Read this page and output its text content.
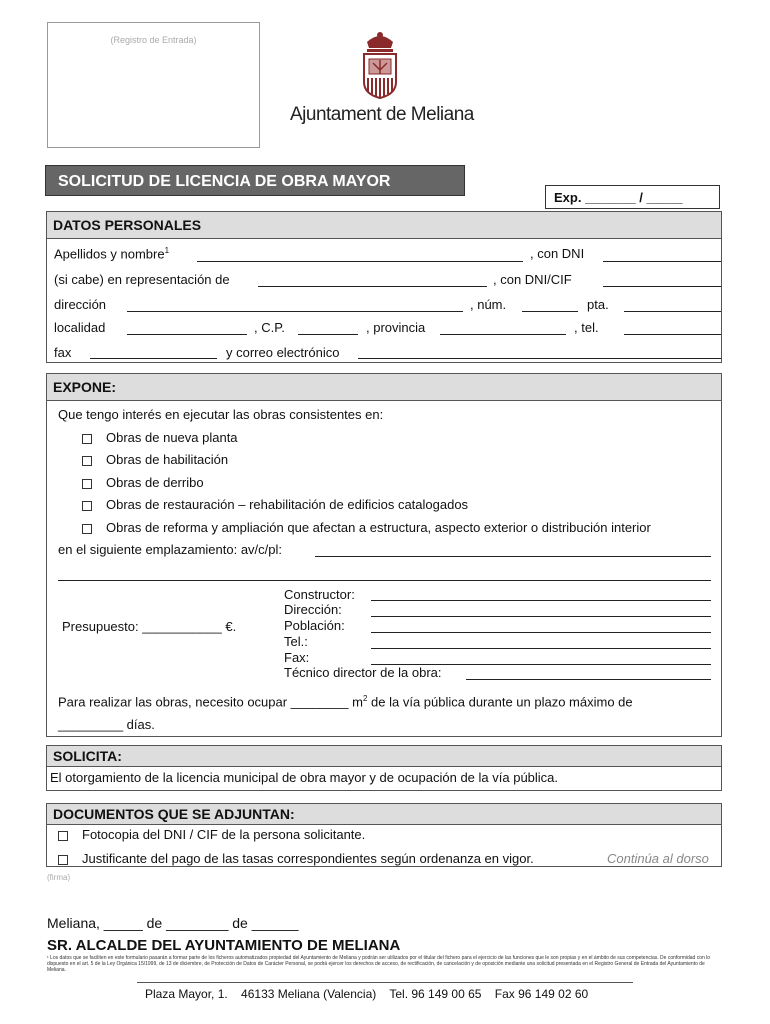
(Registro de Entrada)
Ajuntament de Meliana
SOLICITUD DE LICENCIA DE OBRA MAYOR
Exp. _______ / _____
DATOS PERSONALES
Apellidos y nombre$^1$	, con DNI
(si cabe) en representación de	, con DNI/CIF
dirección	, núm.	pta.
localidad	, C.P.	, provincia	, tel.
fax	y correo electrónico
EXPONE:
Que tengo interés en ejecutar las obras consistentes en:
Obras de nueva planta
Obras de habilitación
Obras de derribo
Obras de restauración – rehabilitación de edificios catalogados
Obras de reforma y ampliación que afectan a estructura, aspecto exterior o distribución interior
en el siguiente emplazamiento: av/c/pl:
Presupuesto: ___________ €.
Constructor:
Dirección:
Población:
Tel.:
Fax:
Técnico director de la obra:
Para realizar las obras, necesito ocupar ________ $m^2$ de la vía pública durante un plazo máximo de
_________ días.
SOLICITA:
El otorgamiento de la licencia municipal de obra mayor y de ocupación de la vía pública.
DOCUMENTOS QUE SE ADJUNTAN:
Fotocopia del DNI / CIF de la persona solicitante.
Justificante del pago de las tasas correspondientes según ordenanza en vigor.	Continúa al dorso
(firma)
Meliana, _____ de ________ de ______
SR. ALCALDE DEL AYUNTAMIENTO DE MELIANA
¹ Los datos que se faciliten en este formulario pasarán a formar parte de los ficheros automatizados propiedad del Ayuntamiento de Meliana y podrán ser utilizados por el titular del fichero para el ejercicio de las funciones que le son propias y en el ámbito de sus competencias. De conformidad con lo dispuesto en el art. 5 de la Ley Orgánica 15/1999, de 13 de diciembre, de Protección de Datos de Carácter Personal, se podrá ejercer los derechos de acceso, de rectificación, de cancelación y de oposición mediante una solicitud presentada en el Registro General de Entrada del Ayuntamiento de Meliana.
Plaza Mayor, 1.    46133 Meliana (Valencia)    Tel. 96 149 00 65    Fax 96 149 02 60
